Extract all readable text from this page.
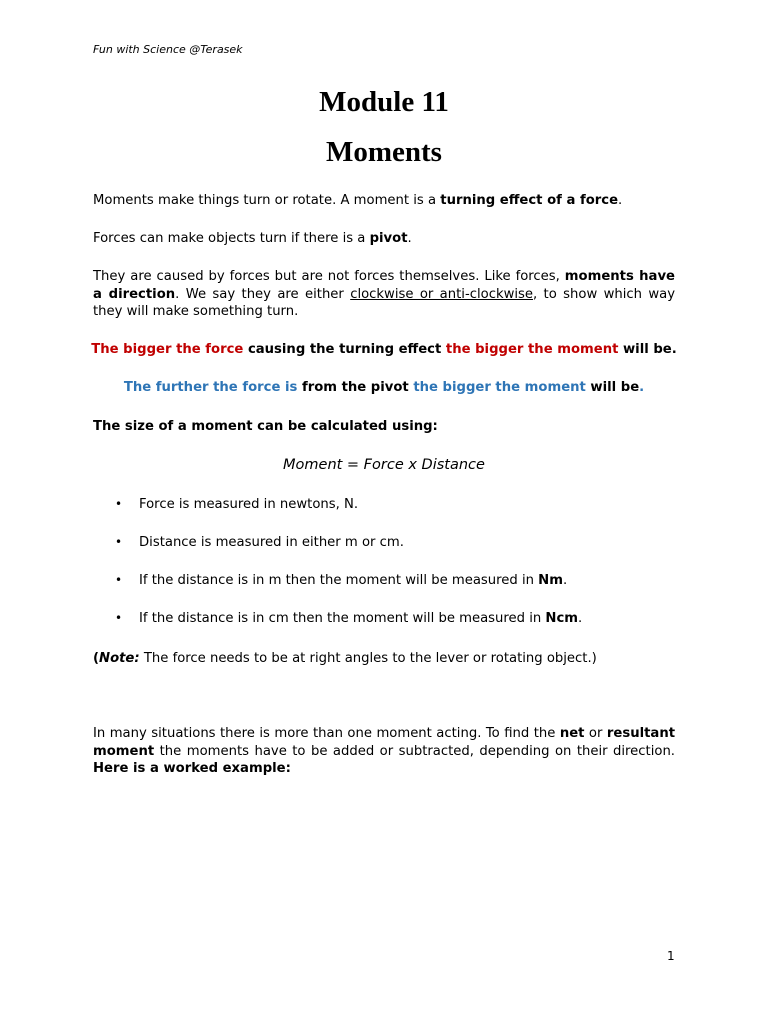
Fun with Science @Terasek
Module 11
Moments
Moments make things turn or rotate. A moment is a turning effect of a force.
Forces can make objects turn if there is a pivot.
They are caused by forces but are not forces themselves. Like forces, moments have a direction. We say they are either clockwise or anti-clockwise, to show which way they will make something turn.
The bigger the force causing the turning effect the bigger the moment will be.
The further the force is from the pivot the bigger the moment will be.
The size of a moment can be calculated using:
Moment = Force x Distance
• Force is measured in newtons, N.
• Distance is measured in either m or cm.
• If the distance is in m then the moment will be measured in Nm.
• If the distance is in cm then the moment will be measured in Ncm.
(Note: The force needs to be at right angles to the lever or rotating object.)
In many situations there is more than one moment acting. To find the net or resultant moment the moments have to be added or subtracted, depending on their direction. Here is a worked example:
1
